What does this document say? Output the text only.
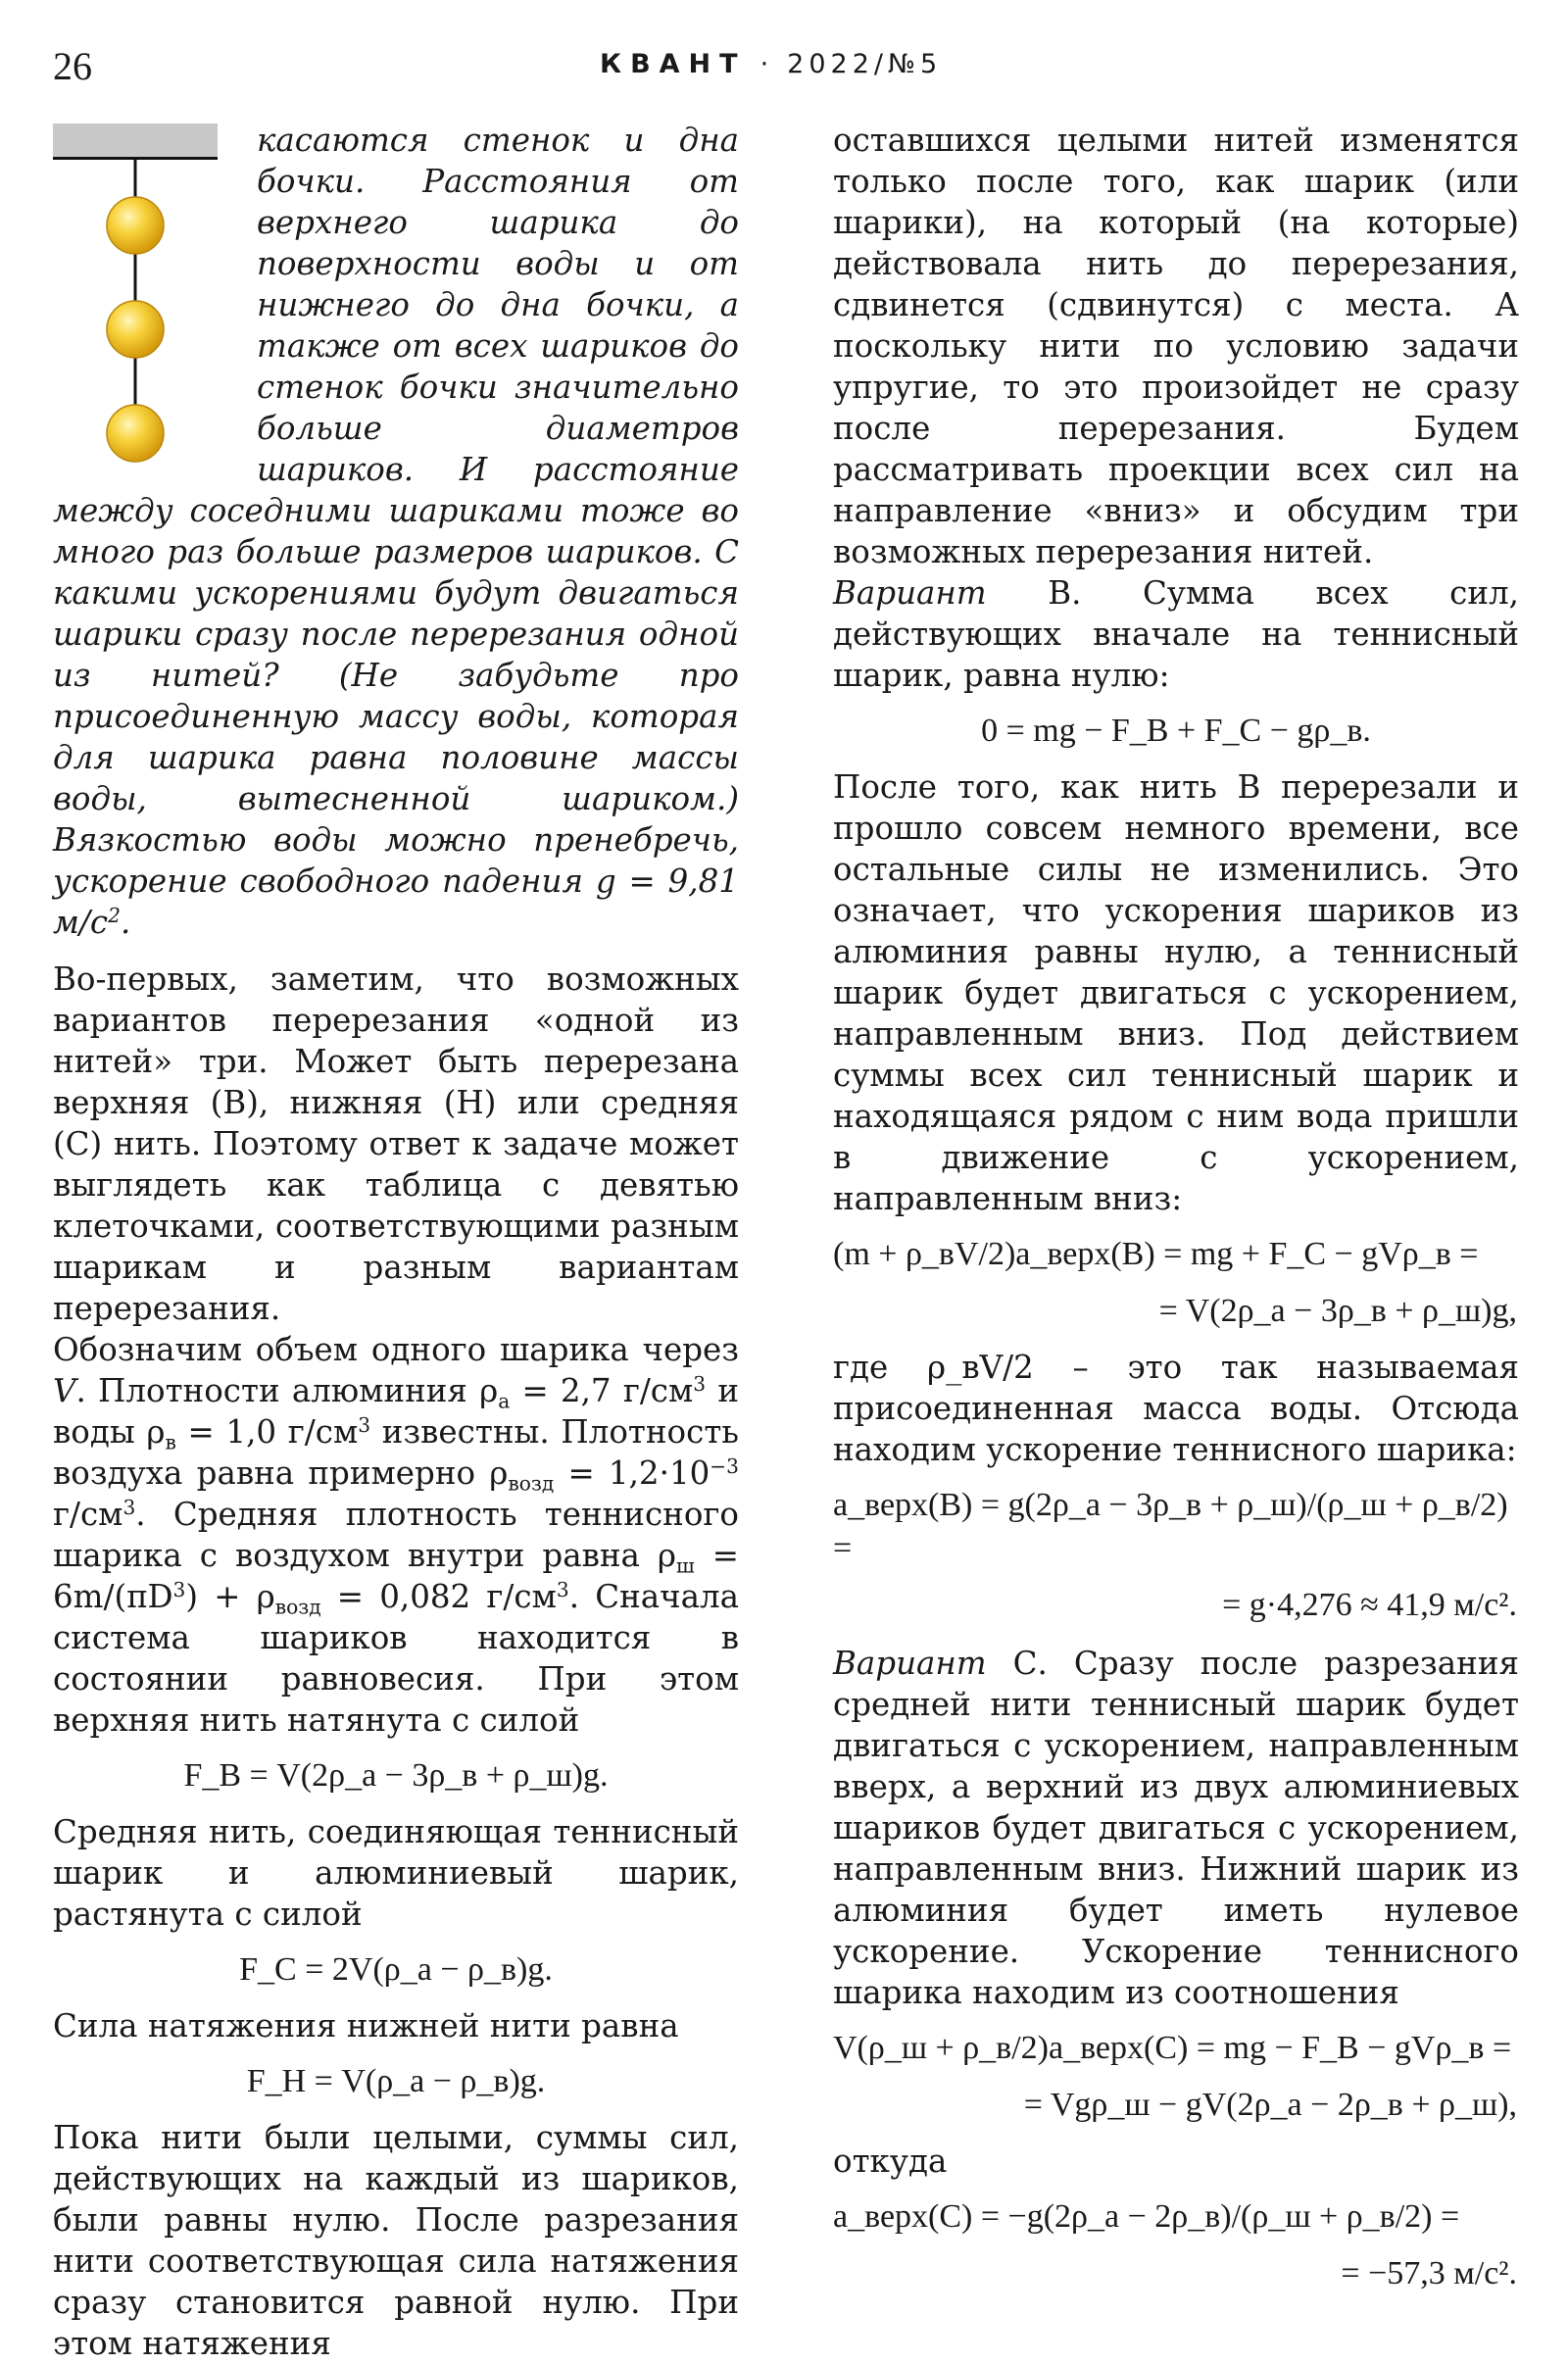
26	КВАНТ · 2022/№5

касаются стенок и дна бочки. Расстояния от верхнего шарика до поверхности воды и от нижнего до дна бочки, а также от всех шариков до стенок бочки значительно больше диаметров шариков. И расстояние между соседними шариками тоже во много раз больше размеров шариков. С какими ускорениями будут двигаться шарики сразу после перерезания одной из нитей? (Не забудьте про присоединенную массу воды, которая для шарика равна половине массы воды, вытесненной шариком.) Вязкостью воды можно пренебречь, ускорение свободного падения g = 9,81 $м/с^2$.

Во-первых, заметим, что возможных вариантов перерезания «одной из нитей» три. Может быть перерезана верхняя (В), нижняя (Н) или средняя (С) нить. Поэтому ответ к задаче может выглядеть как таблица с девятью клеточками, соответствующими разным шарикам и разным вариантам перерезания.

Обозначим объем одного шарика через V. Плотности алюминия $\rho_а = 2,7$ $г/см^3$ и воды $\rho_в = 1,0$ $г/см^3$ известны. Плотность воздуха равна примерно $\rho_{возд} = 1,2\cdot 10^{-3}$ $г/см^3$. Средняя плотность теннисного шарика с воздухом внутри равна $\rho_ш = 6m/(\pi D^3) + \rho_{возд} = 0,082$ $г/см^3$. Сначала система шариков находится в состоянии равновесия. При этом верхняя нить натянута с силой

F_В = V(2ρ_а − 3ρ_в + ρ_ш)g.

Средняя нить, соединяющая теннисный шарик и алюминиевый шарик, растянута с силой

F_С = 2V(ρ_а − ρ_в)g.

Сила натяжения нижней нити равна

F_Н = V(ρ_а − ρ_в)g.

Пока нити были целыми, суммы сил, действующих на каждый из шариков, были равны нулю. После разрезания нити соответствующая сила натяжения сразу становится равной нулю. При этом натяжения

оставшихся целыми нитей изменятся только после того, как шарик (или шарики), на который (на которые) действовала нить до перерезания, сдвинется (сдвинутся) с места. А поскольку нити по условию задачи упругие, то это произойдет не сразу после перерезания. Будем рассматривать проекции всех сил на направление «вниз» и обсудим три возможных перерезания нитей.

Вариант В. Сумма всех сил, действующих вначале на теннисный шарик, равна нулю:

0 = mg − F_В + F_С − gρ_в.

После того, как нить В перерезали и прошло совсем немного времени, все остальные силы не изменились. Это означает, что ускорения шариков из алюминия равны нулю, а теннисный шарик будет двигаться с ускорением, направленным вниз. Под действием суммы всех сил теннисный шарик и находящаяся рядом с ним вода пришли в движение с ускорением, направленным вниз:

(m + ρ_вV/2)a_верх(В) = mg + F_С − gVρ_в =
= V(2ρ_а − 3ρ_в + ρ_ш)g,

где ρ_вV/2 – это так называемая присоединенная масса воды. Отсюда находим ускорение теннисного шарика:

a_верх(В) = g(2ρ_а − 3ρ_в + ρ_ш)/(ρ_ш + ρ_в/2) =
= g·4,276 ≈ 41,9 м/с².

Вариант С. Сразу после разрезания средней нити теннисный шарик будет двигаться с ускорением, направленным вверх, а верхний из двух алюминиевых шариков будет двигаться с ускорением, направленным вниз. Нижний шарик из алюминия будет иметь нулевое ускорение. Ускорение теннисного шарика находим из соотношения

V(ρ_ш + ρ_в/2)a_верх(С) = mg − F_В − gVρ_в =
= Vgρ_ш − gV(2ρ_а − 2ρ_в + ρ_ш),

откуда

a_верх(С) = −g(2ρ_а − 2ρ_в)/(ρ_ш + ρ_в/2) =
= −57,3 м/с².
